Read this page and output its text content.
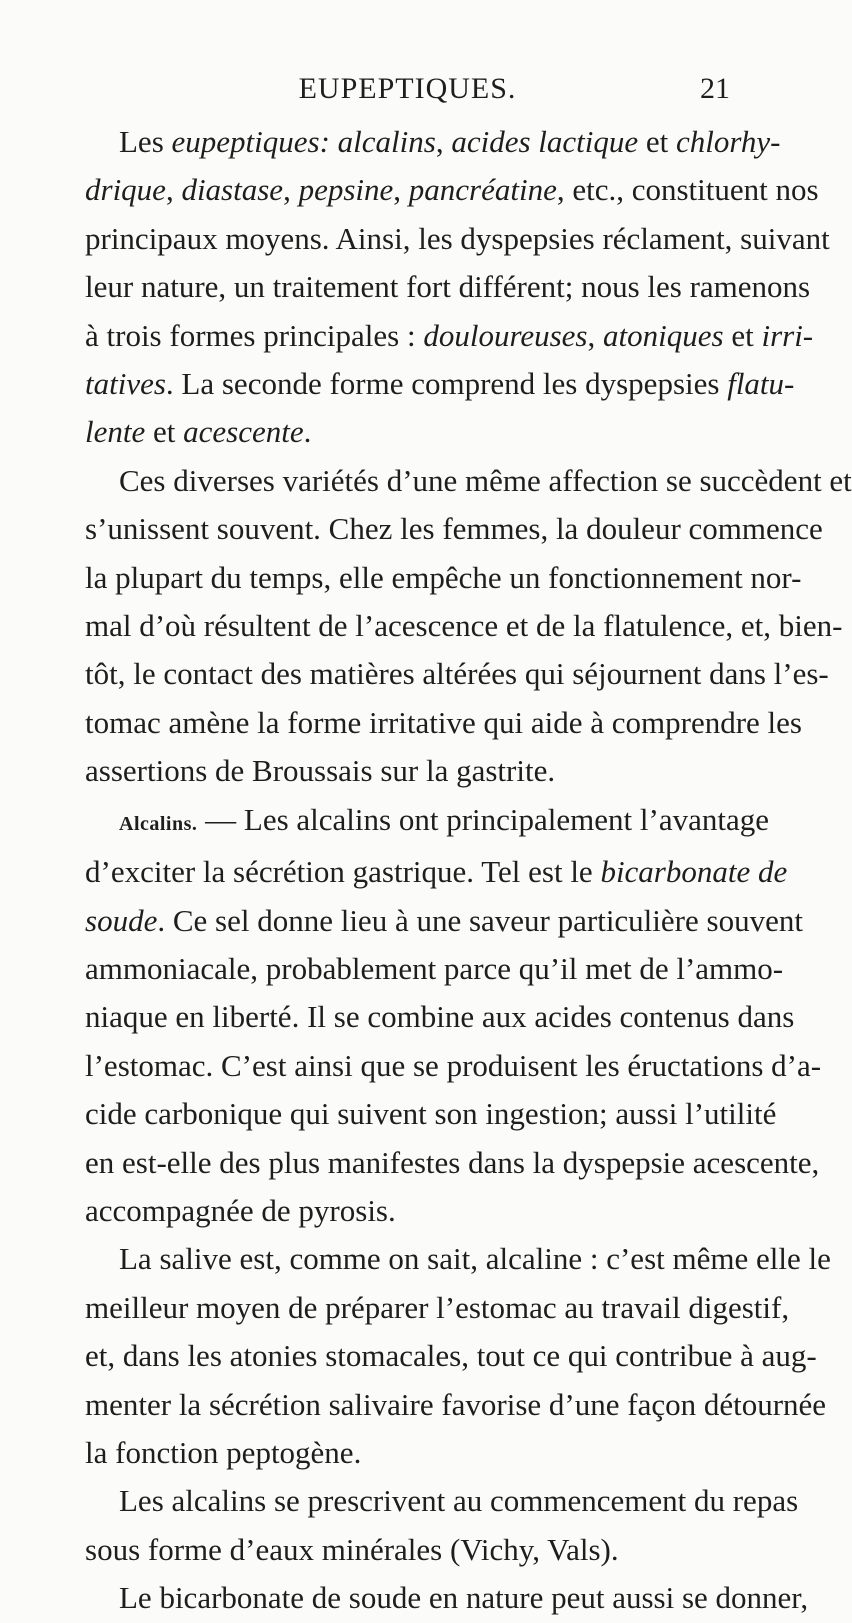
EUPEPTIQUES.	21
Les eupeptiques: alcalins, acides lactique et chlorhy-
drique, diastase, pepsine, pancréatine, etc., constituent nos
principaux moyens. Ainsi, les dyspepsies réclament, suivant
leur nature, un traitement fort différent; nous les ramenons
à trois formes principales : douloureuses, atoniques et irri-
tatives. La seconde forme comprend les dyspepsies flatu-
lente et acescente.
Ces diverses variétés d’une même affection se succèdent et
s’unissent souvent. Chez les femmes, la douleur commence
la plupart du temps, elle empêche un fonctionnement nor-
mal d’où résultent de l’acescence et de la flatulence, et, bien-
tôt, le contact des matières altérées qui séjournent dans l’es-
tomac amène la forme irritative qui aide à comprendre les
assertions de Broussais sur la gastrite.
Alcalins. — Les alcalins ont principalement l’avantage
d’exciter la sécrétion gastrique. Tel est le bicarbonate de
soude. Ce sel donne lieu à une saveur particulière souvent
ammoniacale, probablement parce qu’il met de l’ammo-
niaque en liberté. Il se combine aux acides contenus dans
l’estomac. C’est ainsi que se produisent les éructations d’a-
cide carbonique qui suivent son ingestion; aussi l’utilité
en est-elle des plus manifestes dans la dyspepsie acescente,
accompagnée de pyrosis.
La salive est, comme on sait, alcaline : c’est même elle le
meilleur moyen de préparer l’estomac au travail digestif,
et, dans les atonies stomacales, tout ce qui contribue à aug-
menter la sécrétion salivaire favorise d’une façon détournée
la fonction peptogène.
Les alcalins se prescrivent au commencement du repas
sous forme d’eaux minérales (Vichy, Vals).
Le bicarbonate de soude en nature peut aussi se donner,
